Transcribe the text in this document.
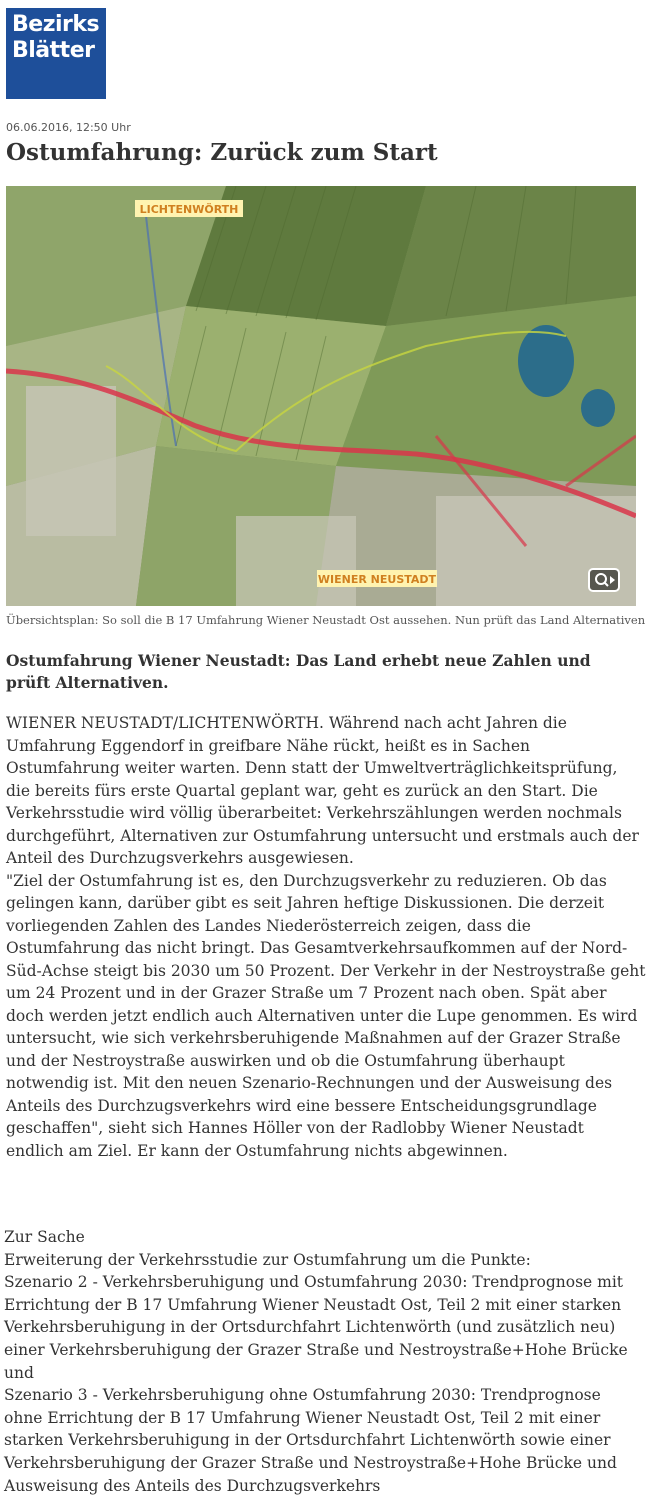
Bezirks
Blätter
06.06.2016, 12:50 Uhr
Ostumfahrung: Zurück zum Start
LICHTENWÖRTH
WIENER NEUSTADT
Übersichtsplan: So soll die B 17 Umfahrung Wiener Neustadt Ost aussehen. Nun prüft das Land Alternativen

Ostumfahrung Wiener Neustadt: Das Land erhebt neue Zahlen und prüft Alternativen.

WIENER NEUSTADT/LICHTENWÖRTH. Während nach acht Jahren die Umfahrung Eggendorf in greifbare Nähe rückt, heißt es in Sachen Ostumfahrung weiter warten. Denn statt der Umweltverträglichkeitsprüfung, die bereits fürs erste Quartal geplant war, geht es zurück an den Start. Die Verkehrsstudie wird völlig überarbeitet: Verkehrszählungen werden nochmals durchgeführt, Alternativen zur Ostumfahrung untersucht und erstmals auch der Anteil des Durchzugsverkehrs ausgewiesen.

"Ziel der Ostumfahrung ist es, den Durchzugsverkehr zu reduzieren. Ob das gelingen kann, darüber gibt es seit Jahren heftige Diskussionen. Die derzeit vorliegenden Zahlen des Landes Niederösterreich zeigen, dass die Ostumfahrung das nicht bringt. Das Gesamtverkehrsaufkommen auf der Nord-Süd-Achse steigt bis 2030 um 50 Prozent. Der Verkehr in der Nestroystraße geht um 24 Prozent und in der Grazer Straße um 7 Prozent nach oben. Spät aber doch werden jetzt endlich auch Alternativen unter die Lupe genommen. Es wird untersucht, wie sich verkehrsberuhigende Maßnahmen auf der Grazer Straße und der Nestroystraße auswirken und ob die Ostumfahrung überhaupt notwendig ist. Mit den neuen Szenario-Rechnungen und der Ausweisung des Anteils des Durchzugsverkehrs wird eine bessere Entscheidungsgrundlage geschaffen", sieht sich Hannes Höller von der Radlobby Wiener Neustadt endlich am Ziel. Er kann der Ostumfahrung nichts abgewinnen.

Zur Sache

Erweiterung der Verkehrsstudie zur Ostumfahrung um die Punkte:

Szenario 2 - Verkehrsberuhigung und Ostumfahrung 2030: Trendprognose mit Errichtung der B 17 Umfahrung Wiener Neustadt Ost, Teil 2 mit einer starken Verkehrsberuhigung in der Ortsdurchfahrt Lichtenwörth (und zusätzlich neu) einer Verkehrsberuhigung der Grazer Straße und Nestroystraße+Hohe Brücke und

Szenario 3 - Verkehrsberuhigung ohne Ostumfahrung 2030: Trendprognose ohne Errichtung der B 17 Umfahrung Wiener Neustadt Ost, Teil 2 mit einer starken Verkehrsberuhigung in der Ortsdurchfahrt Lichtenwörth sowie einer Verkehrsberuhigung der Grazer Straße und Nestroystraße+Hohe Brücke und Ausweisung des Anteils des Durchzugsverkehrs
